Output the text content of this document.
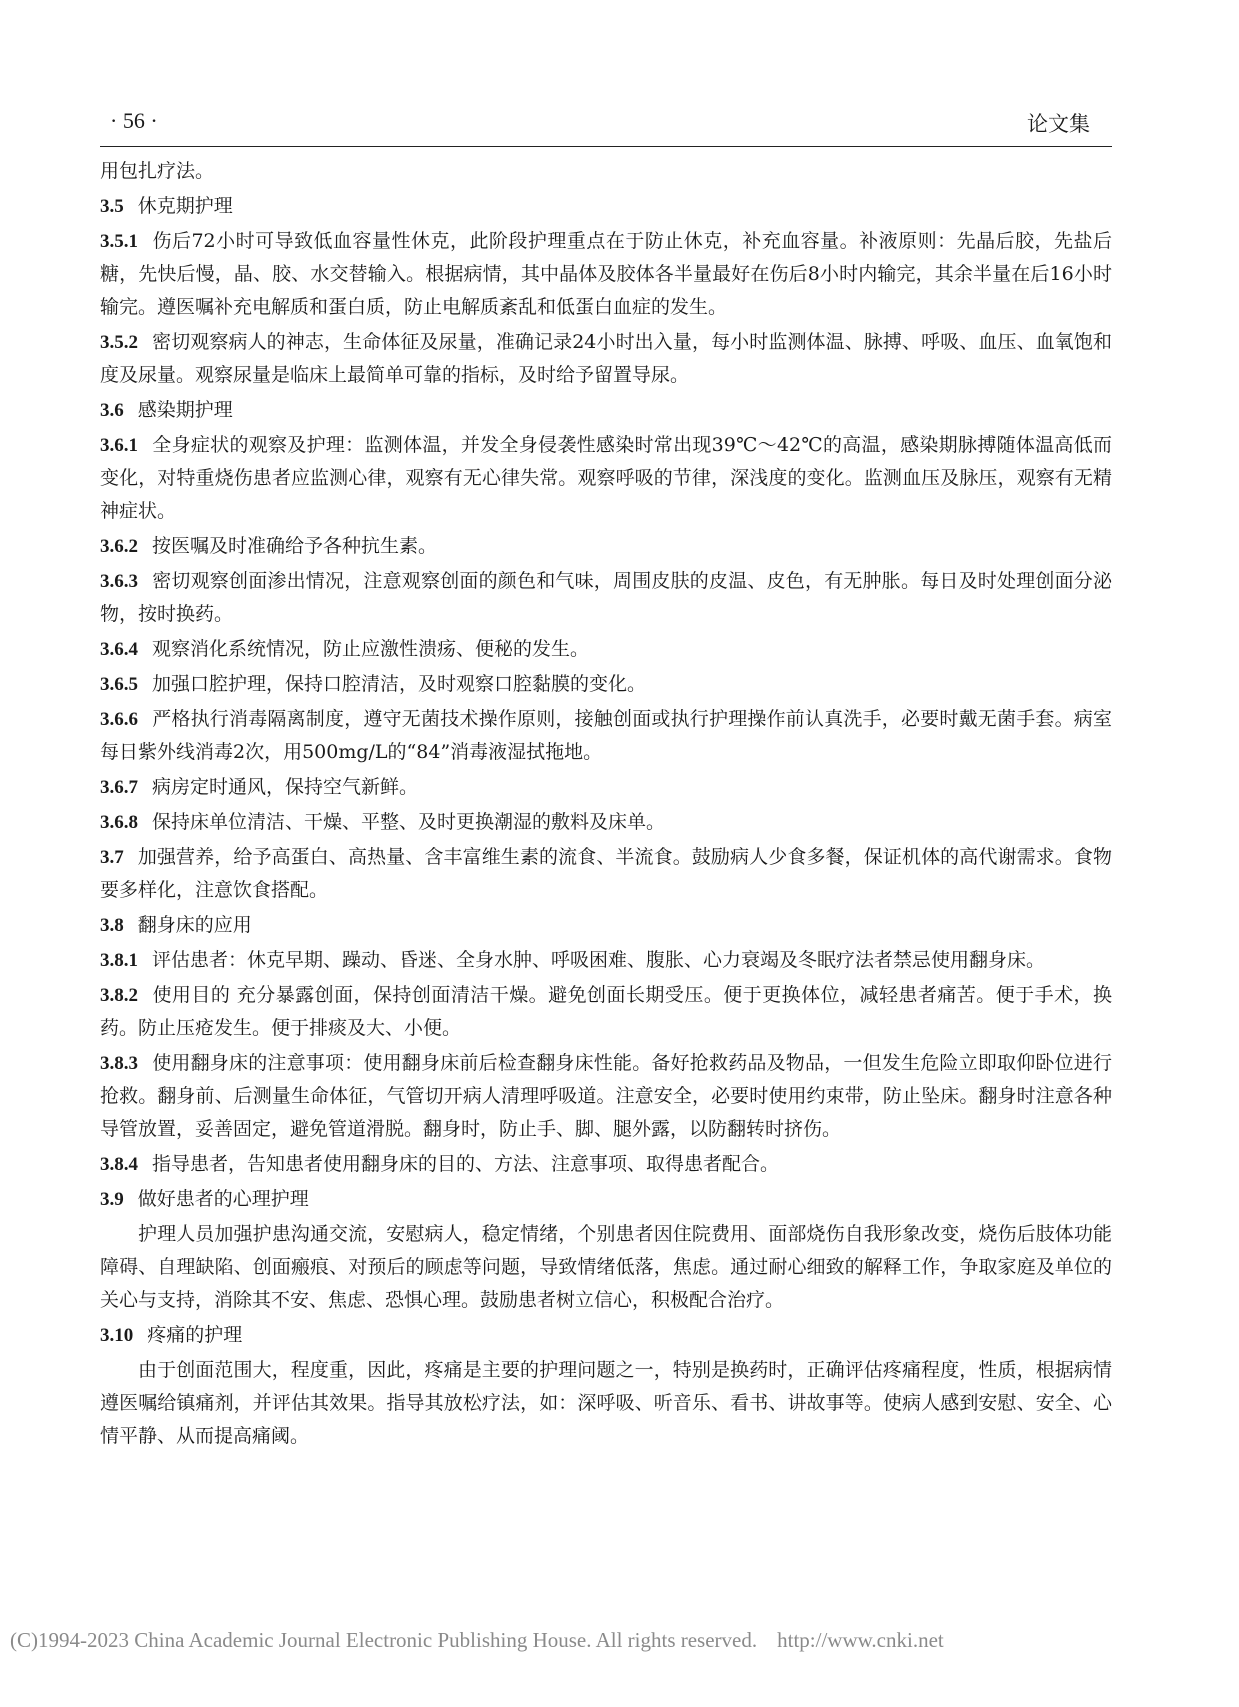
· 56 ·	论文集

用包扎疗法。

3.5 休克期护理

3.5.1 伤后72小时可导致低血容量性休克，此阶段护理重点在于防止休克，补充血容量。补液原则：先晶后胶，先盐后糖，先快后慢，晶、胶、水交替输入。根据病情，其中晶体及胶体各半量最好在伤后8小时内输完，其余半量在后16小时输完。遵医嘱补充电解质和蛋白质，防止电解质紊乱和低蛋白血症的发生。

3.5.2 密切观察病人的神志，生命体征及尿量，准确记录24小时出入量，每小时监测体温、脉搏、呼吸、血压、血氧饱和度及尿量。观察尿量是临床上最简单可靠的指标，及时给予留置导尿。

3.6 感染期护理

3.6.1 全身症状的观察及护理：监测体温，并发全身侵袭性感染时常出现39℃～42℃的高温，感染期脉搏随体温高低而变化，对特重烧伤患者应监测心律，观察有无心律失常。观察呼吸的节律，深浅度的变化。监测血压及脉压，观察有无精神症状。

3.6.2 按医嘱及时准确给予各种抗生素。

3.6.3 密切观察创面渗出情况，注意观察创面的颜色和气味，周围皮肤的皮温、皮色，有无肿胀。每日及时处理创面分泌物，按时换药。

3.6.4 观察消化系统情况，防止应激性溃疡、便秘的发生。

3.6.5 加强口腔护理，保持口腔清洁，及时观察口腔黏膜的变化。

3.6.6 严格执行消毒隔离制度，遵守无菌技术操作原则，接触创面或执行护理操作前认真洗手，必要时戴无菌手套。病室每日紫外线消毒2次，用500mg/L的“84”消毒液湿拭拖地。

3.6.7 病房定时通风，保持空气新鲜。

3.6.8 保持床单位清洁、干燥、平整、及时更换潮湿的敷料及床单。

3.7 加强营养，给予高蛋白、高热量、含丰富维生素的流食、半流食。鼓励病人少食多餐，保证机体的高代谢需求。食物要多样化，注意饮食搭配。

3.8 翻身床的应用

3.8.1 评估患者：休克早期、躁动、昏迷、全身水肿、呼吸困难、腹胀、心力衰竭及冬眠疗法者禁忌使用翻身床。

3.8.2 使用目的 充分暴露创面，保持创面清洁干燥。避免创面长期受压。便于更换体位，减轻患者痛苦。便于手术，换药。防止压疮发生。便于排痰及大、小便。

3.8.3 使用翻身床的注意事项：使用翻身床前后检查翻身床性能。备好抢救药品及物品，一但发生危险立即取仰卧位进行抢救。翻身前、后测量生命体征，气管切开病人清理呼吸道。注意安全，必要时使用约束带，防止坠床。翻身时注意各种导管放置，妥善固定，避免管道滑脱。翻身时，防止手、脚、腿外露，以防翻转时挤伤。

3.8.4 指导患者，告知患者使用翻身床的目的、方法、注意事项、取得患者配合。

3.9 做好患者的心理护理

护理人员加强护患沟通交流，安慰病人，稳定情绪，个别患者因住院费用、面部烧伤自我形象改变，烧伤后肢体功能障碍、自理缺陷、创面瘢痕、对预后的顾虑等问题，导致情绪低落，焦虑。通过耐心细致的解释工作，争取家庭及单位的关心与支持，消除其不安、焦虑、恐惧心理。鼓励患者树立信心，积极配合治疗。

3.10 疼痛的护理

由于创面范围大，程度重，因此，疼痛是主要的护理问题之一，特别是换药时，正确评估疼痛程度，性质，根据病情遵医嘱给镇痛剂，并评估其效果。指导其放松疗法，如：深呼吸、听音乐、看书、讲故事等。使病人感到安慰、安全、心情平静、从而提高痛阈。

(C)1994-2023 China Academic Journal Electronic Publishing House. All rights reserved. http://www.cnki.net
